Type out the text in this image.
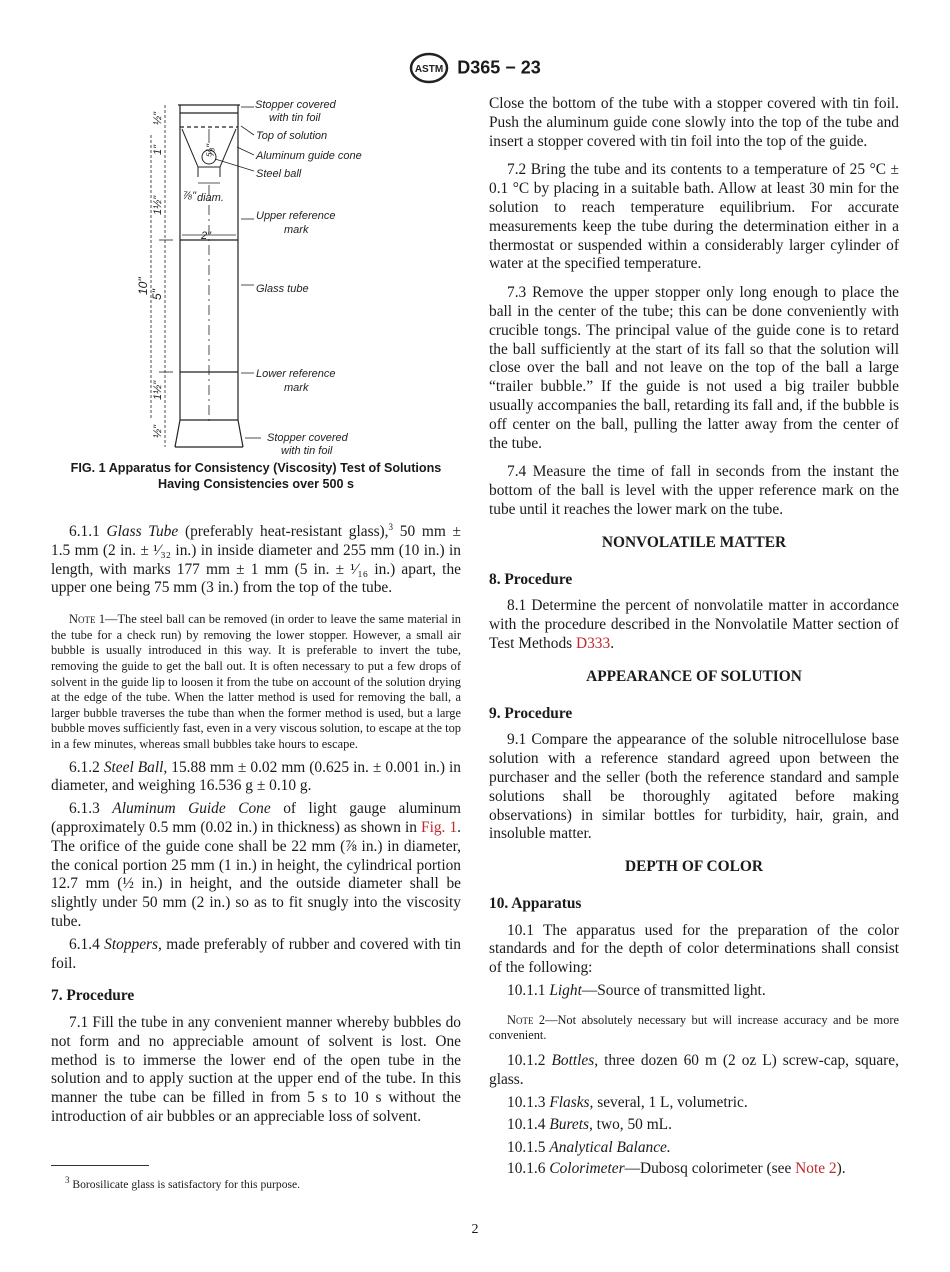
ASTM D365 − 23
½"
1"
1½"
10" 5"
1½"
½"
⅝"
⅞" diam.
2"
Stopper covered
with tin foil
Top of solution
Aluminum guide cone
Steel ball
Upper reference
mark
Glass tube
Lower reference
mark
Stopper covered
with tin foil
FIG. 1 Apparatus for Consistency (Viscosity) Test of Solutions
Having Consistencies over 500 s

6.1.1 Glass Tube (preferably heat-resistant glass),$^3$ 50 mm ± 1.5 mm (2 in. ± ¹⁄₃₂ in.) in inside diameter and 255 mm (10 in.) in length, with marks 177 mm ± 1 mm (5 in. ± ¹⁄₁₆ in.) apart, the upper one being 75 mm (3 in.) from the top of the tube.

Note 1—The steel ball can be removed (in order to leave the same material in the tube for a check run) by removing the lower stopper. However, a small air bubble is usually introduced in this way. It is preferable to invert the tube, removing the guide to get the ball out. It is often necessary to put a few drops of solvent in the guide lip to loosen it from the tube on account of the solution drying at the edge of the tube. When the latter method is used for removing the ball, a larger bubble traverses the tube than when the former method is used, but a large bubble moves sufficiently fast, even in a very viscous solution, to escape at the top in a few minutes, whereas small bubbles take hours to escape.

6.1.2 Steel Ball, 15.88 mm ± 0.02 mm (0.625 in. ± 0.001 in.) in diameter, and weighing 16.536 g ± 0.10 g.

6.1.3 Aluminum Guide Cone of light gauge aluminum (approximately 0.5 mm (0.02 in.) in thickness) as shown in Fig. 1. The orifice of the guide cone shall be 22 mm (⅞ in.) in diameter, the conical portion 25 mm (1 in.) in height, the cylindrical portion 12.7 mm (½ in.) in height, and the outside diameter shall be slightly under 50 mm (2 in.) so as to fit snugly into the viscosity tube.

6.1.4 Stoppers, made preferably of rubber and covered with tin foil.

7. Procedure

7.1 Fill the tube in any convenient manner whereby bubbles do not form and no appreciable amount of solvent is lost. One method is to immerse the lower end of the open tube in the solution and to apply suction at the upper end of the tube. In this manner the tube can be filled in from 5 s to 10 s without the introduction of air bubbles or an appreciable loss of solvent.

$^3$ Borosilicate glass is satisfactory for this purpose.

Close the bottom of the tube with a stopper covered with tin foil. Push the aluminum guide cone slowly into the top of the tube and insert a stopper covered with tin foil into the top of the guide.

7.2 Bring the tube and its contents to a temperature of 25 °C ± 0.1 °C by placing in a suitable bath. Allow at least 30 min for the solution to reach temperature equilibrium. For accurate measurements keep the tube during the determination either in a thermostat or suspended within a considerably larger cylinder of water at the specified temperature.

7.3 Remove the upper stopper only long enough to place the ball in the center of the tube; this can be done conveniently with crucible tongs. The principal value of the guide cone is to retard the ball sufficiently at the start of its fall so that the solution will close over the ball and not leave on the top of the ball a large “trailer bubble.” If the guide is not used a big trailer bubble usually accompanies the ball, retarding its fall and, if the bubble is off center on the ball, pulling the latter away from the center of the tube.

7.4 Measure the time of fall in seconds from the instant the bottom of the ball is level with the upper reference mark on the tube until it reaches the lower mark on the tube.

NONVOLATILE MATTER

8. Procedure

8.1 Determine the percent of nonvolatile matter in accordance with the procedure described in the Nonvolatile Matter section of Test Methods D333.

APPEARANCE OF SOLUTION

9. Procedure

9.1 Compare the appearance of the soluble nitrocellulose base solution with a reference standard agreed upon between the purchaser and the seller (both the reference standard and sample solutions shall be thoroughly agitated before making observations) in similar bottles for turbidity, hair, grain, and insoluble matter.

DEPTH OF COLOR

10. Apparatus

10.1 The apparatus used for the preparation of the color standards and for the depth of color determinations shall consist of the following:

10.1.1 Light—Source of transmitted light.

Note 2—Not absolutely necessary but will increase accuracy and be more convenient.

10.1.2 Bottles, three dozen 60 m (2 oz L) screw-cap, square, glass.

10.1.3 Flasks, several, 1 L, volumetric.

10.1.4 Burets, two, 50 mL.

10.1.5 Analytical Balance.

10.1.6 Colorimeter—Dubosq colorimeter (see Note 2).

2
